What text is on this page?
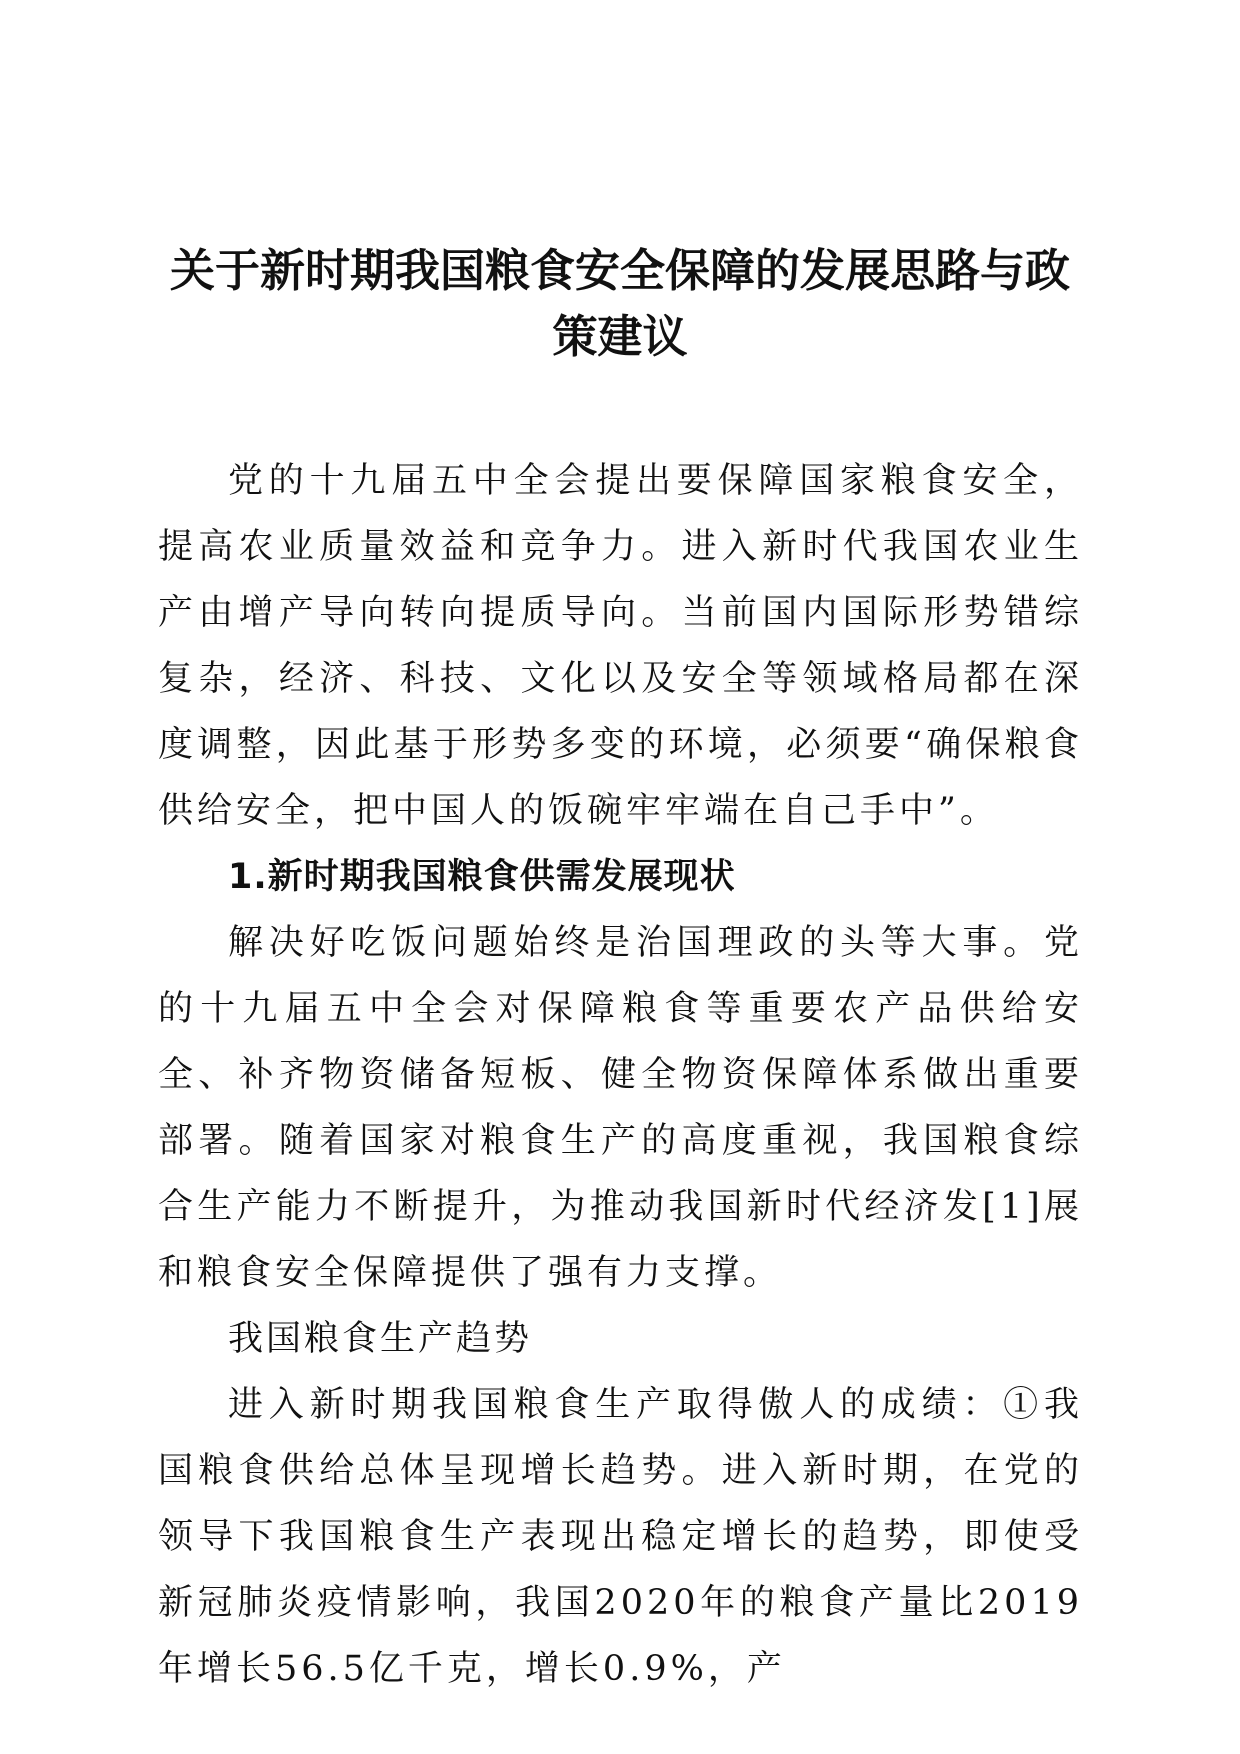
关于新时期我国粮食安全保障的发展思路与政策建议

党的十九届五中全会提出要保障国家粮食安全，提高农业质量效益和竞争力。进入新时代我国农业生产由增产导向转向提质导向。当前国内国际形势错综复杂，经济、科技、文化以及安全等领域格局都在深度调整，因此基于形势多变的环境，必须要“确保粮食供给安全，把中国人的饭碗牢牢端在自己手中”。

1.新时期我国粮食供需发展现状

解决好吃饭问题始终是治国理政的头等大事。党的十九届五中全会对保障粮食等重要农产品供给安全、补齐物资储备短板、健全物资保障体系做出重要部署。随着国家对粮食生产的高度重视，我国粮食综合生产能力不断提升，为推动我国新时代经济发[1]展和粮食安全保障提供了强有力支撑。

我国粮食生产趋势

进入新时期我国粮食生产取得傲人的成绩：①我国粮食供给总体呈现增长趋势。进入新时期，在党的领导下我国粮食生产表现出稳定增长的趋势，即使受新冠肺炎疫情影响，我国2020年的粮食产量比2019年增长56.5亿千克，增长0.9%，产
